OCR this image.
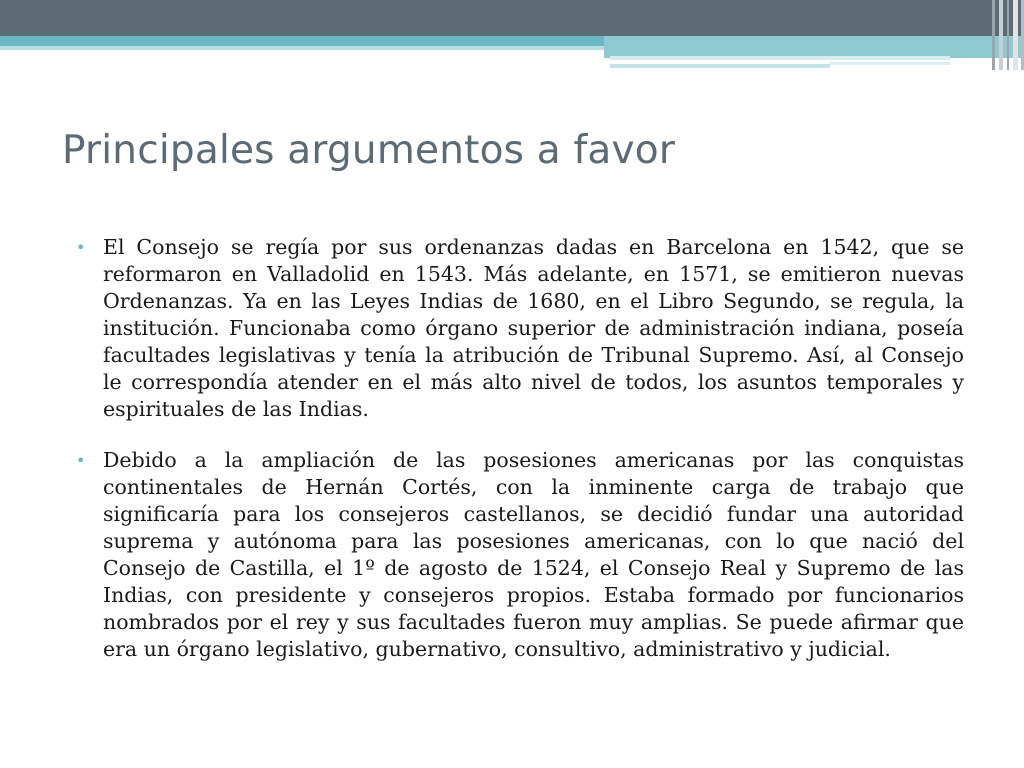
Principales argumentos a favor
• El Consejo se regía por sus ordenanzas dadas en Barcelona en 1542, que se reformaron en Valladolid en 1543. Más adelante, en 1571, se emitieron nuevas Ordenanzas. Ya en las Leyes Indias de 1680, en el Libro Segundo, se regula, la institución. Funcionaba como órgano superior de administración indiana, poseía facultades legislativas y tenía la atribución de Tribunal Supremo. Así, al Consejo le correspondía atender en el más alto nivel de todos, los asuntos temporales y espirituales de las Indias.
• Debido a la ampliación de las posesiones americanas por las conquistas continentales de Hernán Cortés, con la inminente carga de trabajo que significaría para los consejeros castellanos, se decidió fundar una autoridad suprema y autónoma para las posesiones americanas, con lo que nació del Consejo de Castilla, el 1º de agosto de 1524, el Consejo Real y Supremo de las Indias, con presidente y consejeros propios. Estaba formado por funcionarios nombrados por el rey y sus facultades fueron muy amplias. Se puede afirmar que era un órgano legislativo, gubernativo, consultivo, administrativo y judicial.
